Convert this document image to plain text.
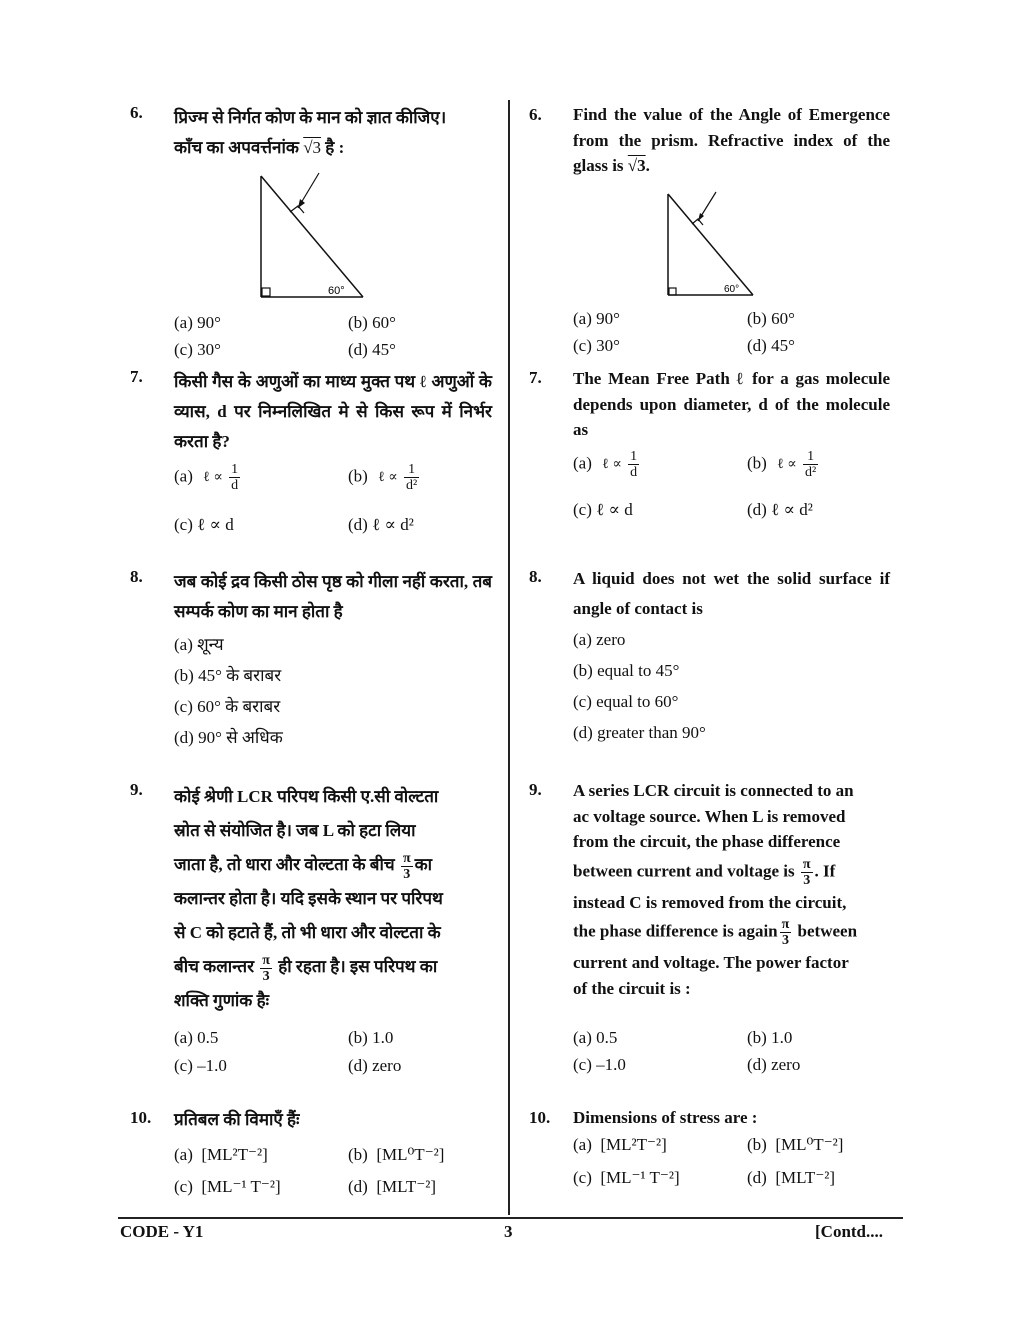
6. प्रिज्म से निर्गत कोण के मान को ज्ञात कीजिए।
काँच का अपवर्त्तनांक √3 है :
60°
(a) 90°	(b) 60°
(c) 30°	(d) 45°
7. किसी गैस के अणुओं का माध्य मुक्त पथ ℓ अणुओं के व्यास, d पर निम्नलिखित मे से किस रूप में निर्भर करता है?
(a) ℓ ∝ $\frac{1}{d}$	(b) ℓ ∝ $\frac{1}{\text{d²}}$
(c) ℓ ∝ d	(d) ℓ ∝ d²
8. जब कोई द्रव किसी ठोस पृष्ठ को गीला नहीं करता, तब सम्पर्क कोण का मान होता है
(a) शून्य
(b) 45° के बराबर
(c) 60° के बराबर
(d) 90° से अधिक
9. कोई श्रेणी LCR परिपथ किसी ए.सी वोल्टता
स्रोत से संयोजित है। जब L को हटा लिया
जाता है, तो धारा और वोल्टता के बीच $\frac{\pi}{3}$ का
कलान्तर होता है। यदि इसके स्थान पर परिपथ
से C को हटाते हैं, तो भी धारा और वोल्टता के
बीच कलान्तर $\frac{\pi}{3}$ ही रहता है। इस परिपथ का
शक्ति गुणांक हैः
(a) 0.5	(b) 1.0
(c) –1.0	(d) zero
10. प्रतिबल की विमाएँ हैंः
(a) [ML²T⁻²]	(b) [ML⁰T⁻²]
(c) [ML⁻¹ T⁻²]	(d) [MLT⁻²]
6. Find the value of the Angle of Emergence from the prism. Refractive index of the glass is √3.
60°
(a) 90°	(b) 60°
(c) 30°	(d) 45°
7. The Mean Free Path ℓ for a gas molecule depends upon diameter, d of the molecule as
(a) ℓ ∝ $\frac{1}{d}$	(b) ℓ ∝ $\frac{1}{\text{d²}}$
(c) ℓ ∝ d	(d) ℓ ∝ d²
8. A liquid does not wet the solid surface if angle of contact is
(a) zero
(b) equal to 45°
(c) equal to 60°
(d) greater than 90°
9. A series LCR circuit is connected to an
ac voltage source. When L is removed
from the circuit, the phase difference
between current and voltage is $\frac{\pi}{3}$ . If
instead C is removed from the circuit,
the phase difference is again $\frac{\pi}{3}$ between
current and voltage. The power factor
of the circuit is :
(a) 0.5	(b) 1.0
(c) –1.0	(d) zero
10. Dimensions of stress are :
(a) [ML²T⁻²]	(b) [ML⁰T⁻²]
(c) [ML⁻¹ T⁻²]	(d) [MLT⁻²]
CODE - Y1	3	[Contd....
